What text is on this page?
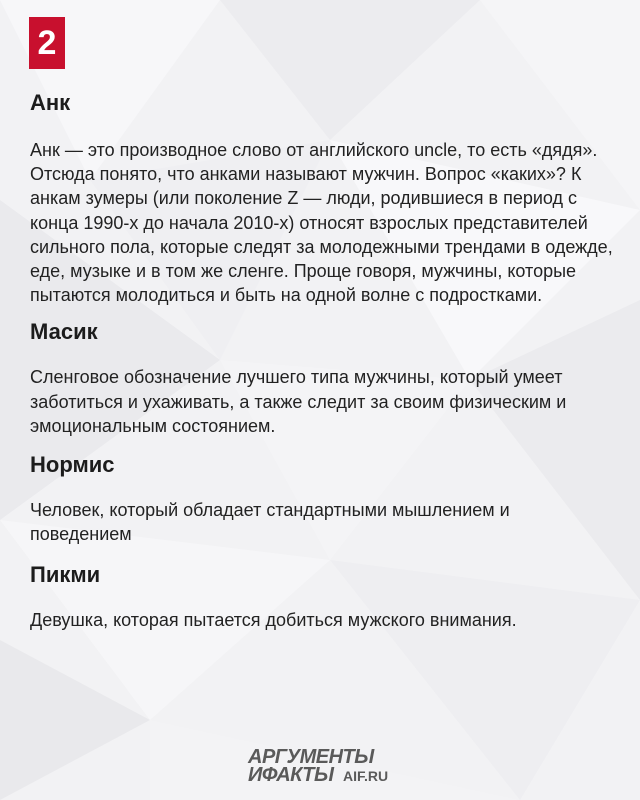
2
Анк

Анк — это производное слово от английского uncle, то есть «дядя». Отсюда понято, что анками называют мужчин. Вопрос «каких»? К анкам зумеры (или поколение Z — люди, родившиеся в период с конца 1990-х до начала 2010-х) относят взрослых представителей сильного пола, которые следят за молодежными трендами в одежде, еде, музыке и в том же сленге. Проще говоря, мужчины, которые пытаются молодиться и быть на одной волне с подростками.

Масик

Сленговое обозначение лучшего типа мужчины, который умеет заботиться и ухаживать, а также следит за своим физическим и эмоциональным состоянием.

Нормис

Человек, который обладает стандартными мышлением и поведением

Пикми

Девушка, которая пытается добиться мужского внимания.

АРГУМЕНТЫ
ИФАКТЫ AIF.RU
